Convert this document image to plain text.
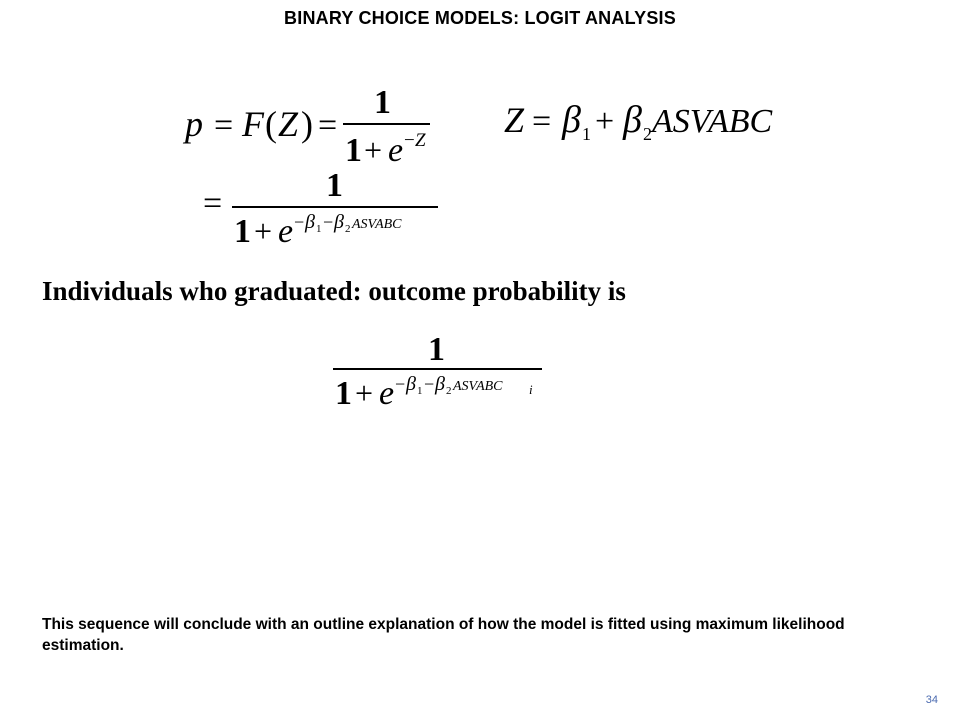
BINARY CHOICE MODELS: LOGIT ANALYSIS
p = F ( Z ) =
1
1 + e − Z
Z = β 1 + β 2 ASVABC
=	1
1 + e − β 1 − β 2 ASVABC
Individuals who graduated: outcome probability is
1
1 + e − β 1 − β 2 ASVABC i
This sequence will conclude with an outline explanation of how the model is fitted using maximum likelihood estimation.
34
